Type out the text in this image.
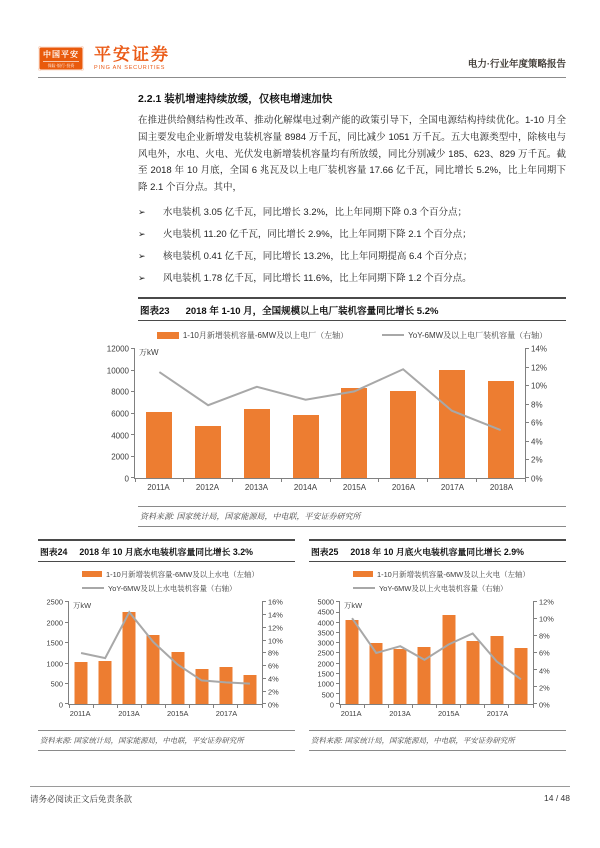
中国平安
保险·银行·投资
平安证券
PING AN SECURITIES	电力·行业年度策略报告
2.2.1 装机增速持续放缓，仅核电增速加快

在推进供给侧结构性改革、推动化解煤电过剩产能的政策引导下，全国电源结构持续优化。1-10 月全国主要发电企业新增发电装机容量 8984 万千瓦，同比减少 1051 万千瓦。五大电源类型中，除核电与风电外，水电、火电、光伏发电新增装机容量均有所放缓，同比分别减少 185、623、829 万千瓦。截至 2018 年 10 月底，全国 6 兆瓦及以上电厂装机容量 17.66 亿千瓦，同比增长 5.2%，比上年同期下降 2.1 个百分点。其中，

➢	水电装机 3.05 亿千瓦，同比增长 3.2%，比上年同期下降 0.3 个百分点；
➢	火电装机 11.20 亿千瓦，同比增长 2.9%，比上年同期下降 2.1 个百分点；
➢	核电装机 0.41 亿千瓦，同比增长 13.2%，比上年同期提高 6.4 个百分点；
➢	风电装机 1.78 亿千瓦，同比增长 11.6%，比上年同期下降 1.2 个百分点。
图表23 2018 年 1-10 月，全国规模以上电厂装机容量同比增长 5.2%
1-10月新增装机容量-6MW及以上电厂（左轴）	YoY-6MW及以上电厂装机容量（右轴）
0
2000
4000
6000
8000
10000
12000 万kW
2011A	2012A	2013A	2014A	2015A	2016A	2017A	2018A
0%
2%
4%
6%
8%
10%
12%
14%
资料来源: 国家统计局，国家能源局，中电联，平安证券研究所
图表24 2018 年 10 月底水电装机容量同比增长 3.2%
1-10月新增装机容量-6MW及以上水电（左轴）
YoY-6MW及以上水电装机容量（右轴）
0
500
1000
1500
2000
2500 万kW
2011A	2013A	2015A	2017A
0%
2%
4%
6%
8%
10%
12%
14%
16%
资料来源: 国家统计局，国家能源局，中电联，平安证券研究所
图表25 2018 年 10 月底火电装机容量同比增长 2.9%
1-10月新增装机容量-6MW及以上火电（左轴）
YoY-6MW及以上火电装机容量（右轴）
0
500
1000
1500
2000
2500
3000
3500
4000
4500
5000 万kW
2011A	2013A	2015A	2017A
0%
2%
4%
6%
8%
10%
12%
资料来源: 国家统计局，国家能源局，中电联，平安证券研究所
请务必阅读正文后免责条款	14 / 48
